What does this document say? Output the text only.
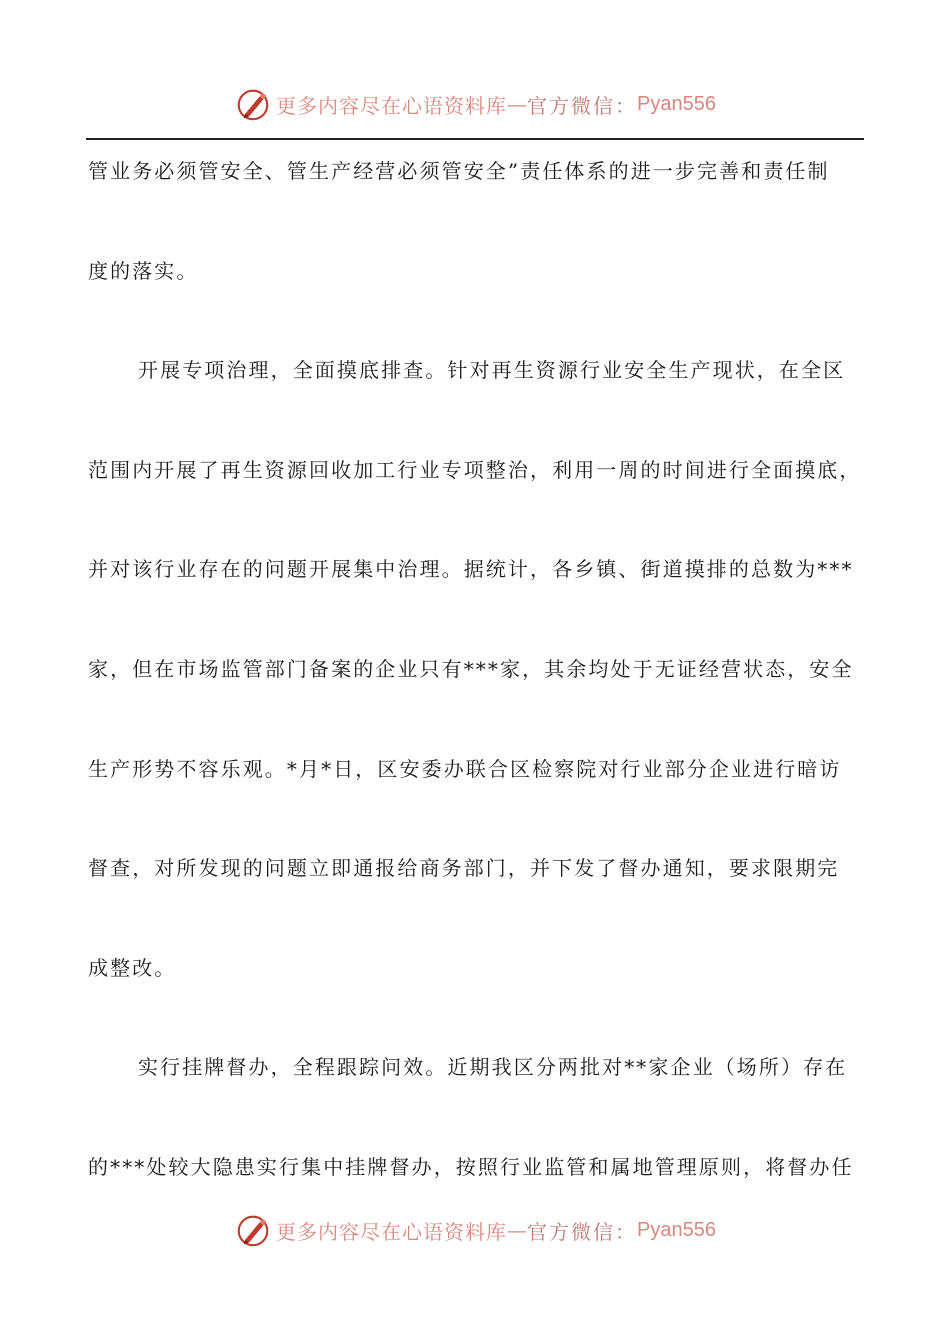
更多内容尽在心语资料库 — 官方微信： Pyan556
管业务必须管安全、管生产经营必须管安全”责任体系的进一步完善和责任制
度的落实。
开展专项治理，全面摸底排查。针对再生资源行业安全生产现状，在全区
范围内开展了再生资源回收加工行业专项整治，利用一周的时间进行全面摸底，
并对该行业存在的问题开展集中治理。据统计，各乡镇、街道摸排的总数为***
家，但在市场监管部门备案的企业只有***家，其余均处于无证经营状态，安全
生产形势不容乐观。*月*日，区安委办联合区检察院对行业部分企业进行暗访
督查，对所发现的问题立即通报给商务部门，并下发了督办通知，要求限期完
成整改。
实行挂牌督办，全程跟踪问效。近期我区分两批对**家企业（场所）存在
的***处较大隐患实行集中挂牌督办，按照行业监管和属地管理原则，将督办任
更多内容尽在心语资料库 — 官方微信： Pyan556
